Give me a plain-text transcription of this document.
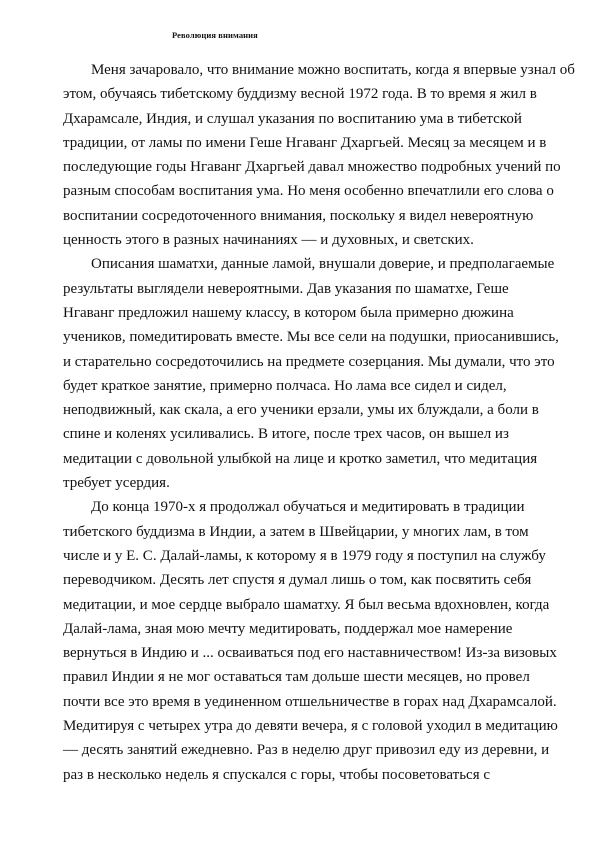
Революция внимания

Меня зачаровало, что внимание можно воспитать, когда я впервые узнал об
этом, обучаясь тибетскому буддизму весной 1972 года. В то время я жил в
Дхарамсале, Индия, и слушал указания по воспитанию ума в тибетской
традиции, от ламы по имени Геше Нгаванг Дхаргьей. Месяц за месяцем и в
последующие годы Нгаванг Дхаргьей давал множество подробных учений по
разным способам воспитания ума. Но меня особенно впечатлили его слова о
воспитании сосредоточенного внимания, поскольку я видел невероятную
ценность этого в разных начинаниях — и духовных, и светских.

Описания шаматхи, данные ламой, внушали доверие, и предполагаемые
результаты выглядели невероятными. Дав указания по шаматхе, Геше
Нгаванг предложил нашему классу, в котором была примерно дюжина
учеников, помедитировать вместе. Мы все сели на подушки, приосанившись,
и старательно сосредоточились на предмете созерцания. Мы думали, что это
будет краткое занятие, примерно полчаса. Но лама все сидел и сидел,
неподвижный, как скала, а его ученики ерзали, умы их блуждали, а боли в
спине и коленях усиливались. В итоге, после трех часов, он вышел из
медитации с довольной улыбкой на лице и кротко заметил, что медитация
требует усердия.

До конца 1970-х я продолжал обучаться и медитировать в традиции
тибетского буддизма в Индии, а затем в Швейцарии, у многих лам, в том
числе и у Е. С. Далай-ламы, к которому я в 1979 году я поступил на службу
переводчиком. Десять лет спустя я думал лишь о том, как посвятить себя
медитации, и мое сердце выбрало шаматху. Я был весьма вдохновлен, когда
Далай-лама, зная мою мечту медитировать, поддержал мое намерение
вернуться в Индию и ... осваиваться под его наставничеством! Из-за визовых
правил Индии я не мог оставаться там дольше шести месяцев, но провел
почти все это время в уединенном отшельничестве в горах над Дхарамсалой.
Медитируя с четырех утра до девяти вечера, я с головой уходил в медитацию
— десять занятий ежедневно. Раз в неделю друг привозил еду из деревни, и
раз в несколько недель я спускался с горы, чтобы посоветоваться с
